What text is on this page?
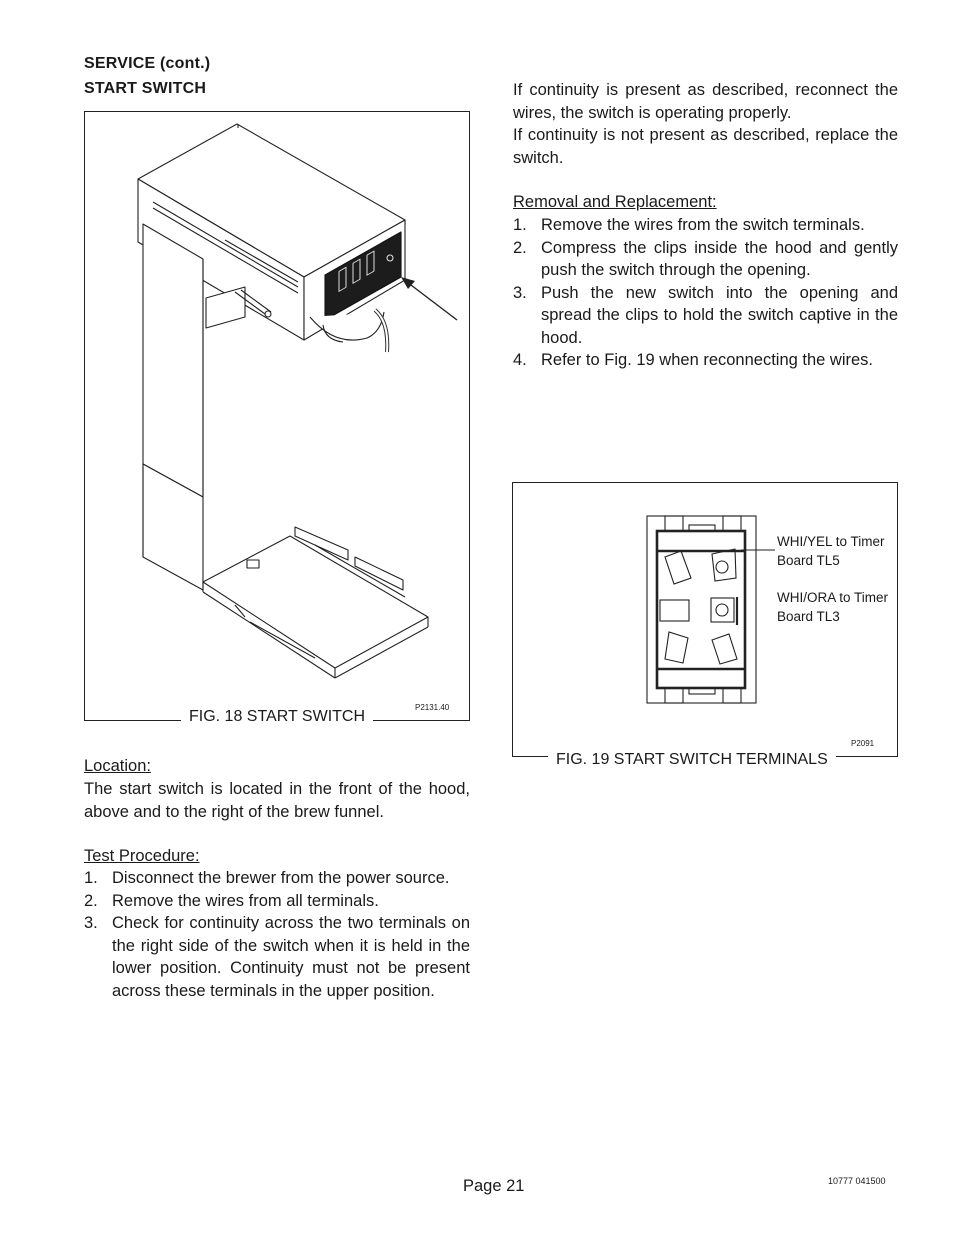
SERVICE (cont.)
START SWITCH
FIG. 18 START SWITCH
P2131.40
If continuity is present as described, reconnect the wires, the switch is operating properly.
If continuity is not present as described, replace the switch.
Removal and Replacement:
1. Remove the wires from the switch terminals.
2. Compress the clips inside the hood and gently push the switch through the opening.
3. Push the new switch into the opening and spread the clips to hold the switch captive in the hood.
4. Refer to Fig. 19 when reconnecting the wires.
WHI/YEL to Timer
Board TL5
WHI/ORA to Timer
Board TL3
P2091
FIG. 19 START SWITCH TERMINALS
Location:
The start switch is located in the front of the hood, above and to the right of the brew funnel.
Test Procedure:
1. Disconnect the brewer from the power source.
2. Remove the wires from all terminals.
3. Check for continuity across the two terminals on the right side of the switch when it is held in the lower position. Continuity must not be present across these terminals in the upper position.
Page 21	10777 041500
